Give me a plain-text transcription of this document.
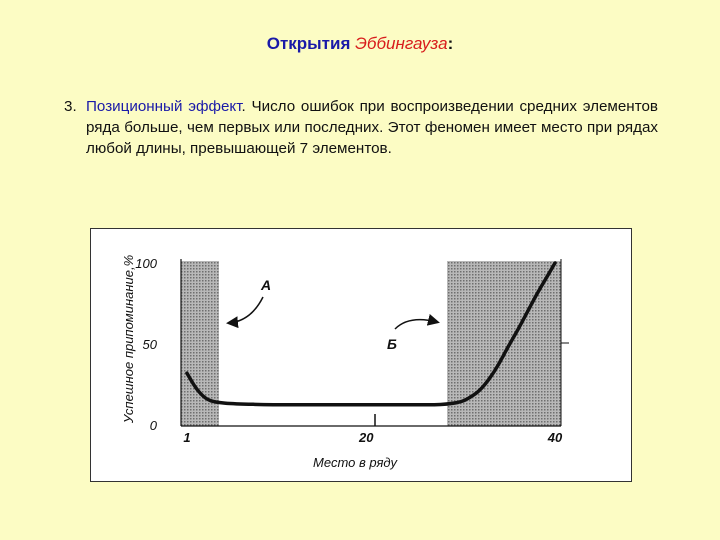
Открытия Эббингауза:
3. Позиционный эффект. Число ошибок при воспроизведении средних элементов ряда больше, чем первых или последних. Этот феномен имеет место при рядах любой длины, превышающей 7 элементов.
100
50
0
1	20	40
А
Б
Место в ряду
Успешное припоминание,%
